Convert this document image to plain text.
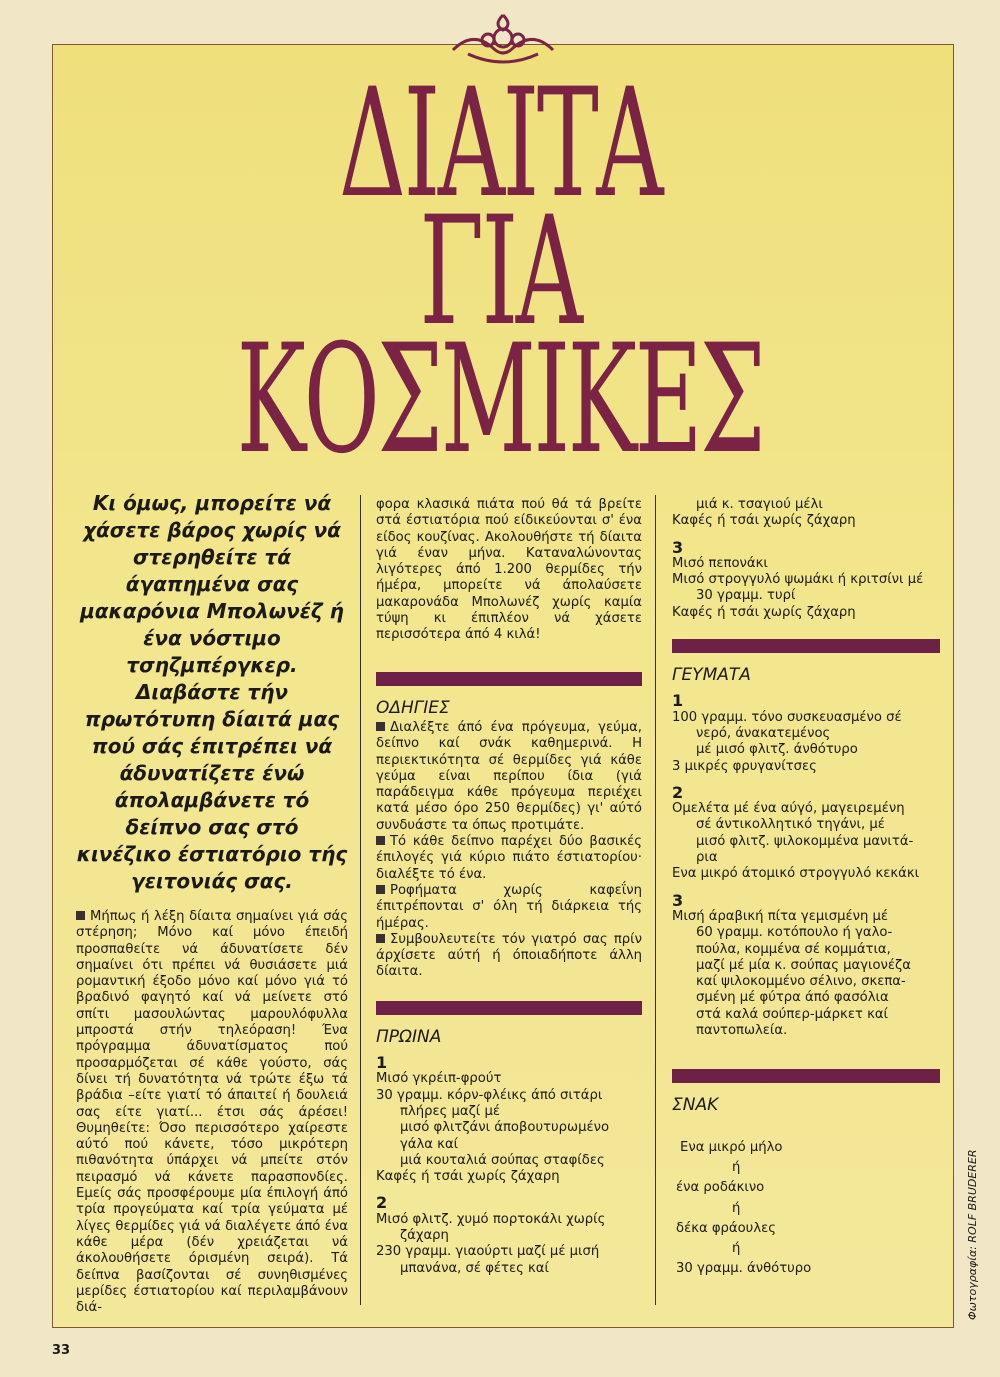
ΔΙΑΙΤΑ
ΓΙΑ
ΚΟΣΜΙΚΕΣ
Κι όμως, μπορείτε νά χάσετε βάρος χωρίς νά στερηθείτε τά άγαπημένα σας μακαρόνια Μπολωνέζ ή ένα νόστιμο τσηζμπέργκερ. Διαβάστε τήν πρωτότυπη δίαιτά μας πού σάς έπιτρέπει νά άδυνατίζετε ένώ άπολαμβάνετε τό δείπνο σας στό κινέζικο έστιατόριο τής γειτονιάς σας.
Μήπως ή λέξη δίαιτα σημαίνει γιά σάς στέρηση; Μόνο καί μόνο έπειδή προσπαθείτε νά άδυνατίσετε δέν σημαίνει ότι πρέπει νά θυσιάσετε μιά ρομαντική έξοδο μόνο καί μόνο γιά τό βραδινό φαγητό καί νά μείνετε στό σπίτι μασουλώντας μαρουλόφυλλα μπροστά στήν τηλεόραση! Ένα πρόγραμμα άδυνατίσματος πού προσαρμόζεται σέ κάθε γούστο, σάς δίνει τή δυνατότητα νά τρώτε έξω τά βράδια –είτε γιατί τό άπαιτεί ή δουλειά σας είτε γιατί... έτσι σάς άρέσει! Θυμηθείτε: Όσο περισσότερο χαίρεστε αύτό πού κάνετε, τόσο μικρότερη πιθανότητα ύπάρχει νά μπείτε στόν πειρασμό νά κάνετε παρασπονδίες. Εμείς σάς προσφέρουμε μία έπιλογή άπό τρία προγεύματα καί τρία γεύματα μέ λίγες θερμίδες γιά νά διαλέγετε άπό ένα κάθε μέρα (δέν χρειάζεται νά άκολουθήσετε όρισμένη σειρά). Τά δείπνα βασίζονται σέ συνηθισμένες μερίδες έστιατορίου καί περιλαμβάνουν διά-
φορα κλασικά πιάτα πού θά τά βρείτε στά έστιατόρια πού είδικεύονται σ' ένα είδος κουζίνας. Ακολουθήστε τή δίαιτα γιά έναν μήνα. Καταναλώνοντας λιγότερες άπό 1.200 θερμίδες τήν ήμέρα, μπορείτε νά άπολαύσετε μακαρονάδα Μπολωνέζ χωρίς καμία τύψη κι έπιπλέον νά χάσετε περισσότερα άπό 4 κιλά!
ΟΔΗΓΙΕΣ
Διαλέξτε άπό ένα πρόγευμα, γεύμα, δείπνο καί σνάκ καθημερινά. Η περιεκτικότητα σέ θερμίδες γιά κάθε γεύμα είναι περίπου ίδια (γιά παράδειγμα κάθε πρόγευμα περιέχει κατά μέσο όρο 250 θερμίδες) γι' αύτό συνδυάστε τα όπως προτιμάτε.
Τό κάθε δείπνο παρέχει δύο βασικές έπιλογές γιά κύριο πιάτο έστιατορίου· διαλέξτε τό ένα.
Ροφήματα χωρίς καφεΐνη έπιτρέπονται σ' όλη τή διάρκεια τής ήμέρας.
Συμβουλευτείτε τόν γιατρό σας πρίν άρχίσετε αύτή ή όποιαδήποτε άλλη δίαιτα.
ΠΡΩΙΝΑ
1
Μισό γκρέιπ-φρούτ
30 γραμμ. κόρν-φλέικς άπό σιτάρι
πλήρες μαζί μέ
μισό φλιτζάνι άποβουτυρωμένο
γάλα καί
μιά κουταλιά σούπας σταφίδες
Καφές ή τσάι χωρίς ζάχαρη
2
Μισό φλιτζ. χυμό πορτοκάλι χωρίς
ζάχαρη
230 γραμμ. γιαούρτι μαζί μέ μισή
μπανάνα, σέ φέτες καί
μιά κ. τσαγιού μέλι
Καφές ή τσάι χωρίς ζάχαρη
3
Μισό πεπονάκι
Μισό στρογγυλό ψωμάκι ή κριτσίνι μέ
30 γραμμ. τυρί
Καφές ή τσάι χωρίς ζάχαρη
ΓΕΥΜΑΤΑ
1
100 γραμμ. τόνο συσκευασμένο σέ
νερό, άνακατεμένος
μέ μισό φλιτζ. άνθότυρο
3 μικρές φρυγανίτσες
2
Ομελέτα μέ ένα αύγό, μαγειρεμένη
σέ άντικολλητικό τηγάνι, μέ
μισό φλιτζ. ψιλοκομμένα μανιτά-
ρια
Ενα μικρό άτομικό στρογγυλό κεκάκι
3
Μισή άραβική πίτα γεμισμένη μέ
60 γραμμ. κοτόπουλο ή γαλο-
πούλα, κομμένα σέ κομμάτια,
μαζί μέ μία κ. σούπας μαγιονέζα
καί ψιλοκομμένο σέλινο, σκεπα-
σμένη μέ φύτρα άπό φασόλια
στά καλά σούπερ-μάρκετ καί
παντοπωλεία.
ΣΝΑΚ
Ενα μικρό μήλο
ή
ένα ροδάκινο
ή
δέκα φράουλες
ή
30 γραμμ. άνθότυρο
33
Φωτογραφία: ROLF BRUDERER
